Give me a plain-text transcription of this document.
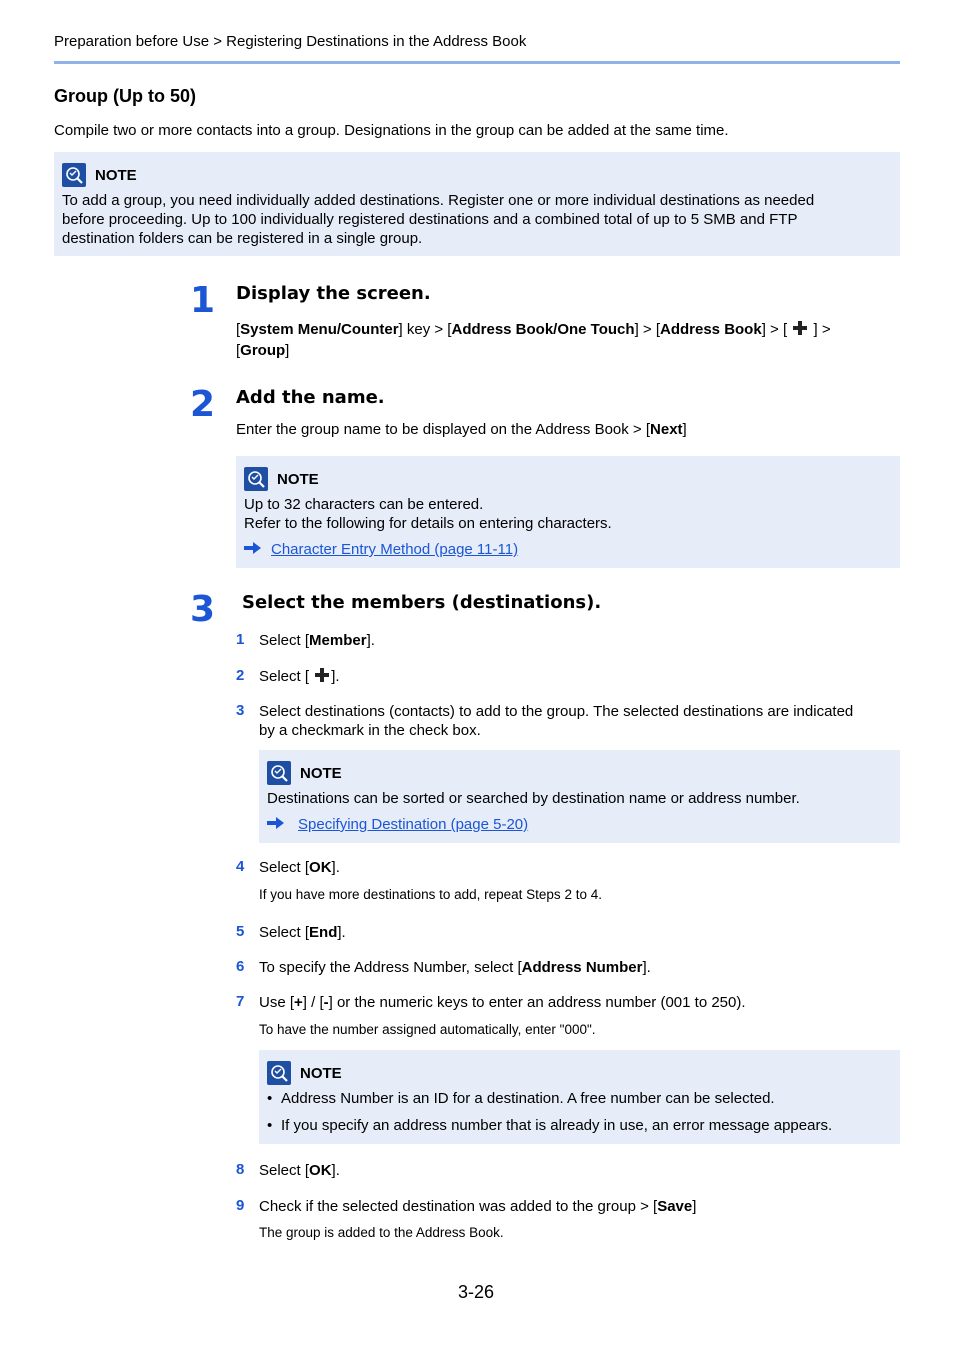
Preparation before Use > Registering Destinations in the Address Book
Group (Up to 50)
Compile two or more contacts into a group. Designations in the group can be added at the same time.
NOTE
To add a group, you need individually added destinations. Register one or more individual destinations as needed
before proceeding. Up to 100 individually registered destinations and a combined total of up to 5 SMB and FTP
destination folders can be registered in a single group.
1 Display the screen.
[System Menu/Counter] key > [Address Book/One Touch] > [Address Book] > [ ] >
[Group]
2 Add the name.
Enter the group name to be displayed on the Address Book > [Next]
NOTE
Up to 32 characters can be entered.
Refer to the following for details on entering characters.
Character Entry Method (page 11-11)
3 Select the members (destinations).
1 Select [Member].
2 Select [ ].
3 Select destinations (contacts) to add to the group. The selected destinations are indicated
by a checkmark in the check box.
NOTE
Destinations can be sorted or searched by destination name or address number.
Specifying Destination (page 5-20)
4 Select [OK].
If you have more destinations to add, repeat Steps 2 to 4.
5 Select [End].
6 To specify the Address Number, select [Address Number].
7 Use [+] / [-] or the numeric keys to enter an address number (001 to 250).
To have the number assigned automatically, enter "000".
NOTE
• Address Number is an ID for a destination. A free number can be selected.
• If you specify an address number that is already in use, an error message appears.
8 Select [OK].
9 Check if the selected destination was added to the group > [Save]
The group is added to the Address Book.
3-26
